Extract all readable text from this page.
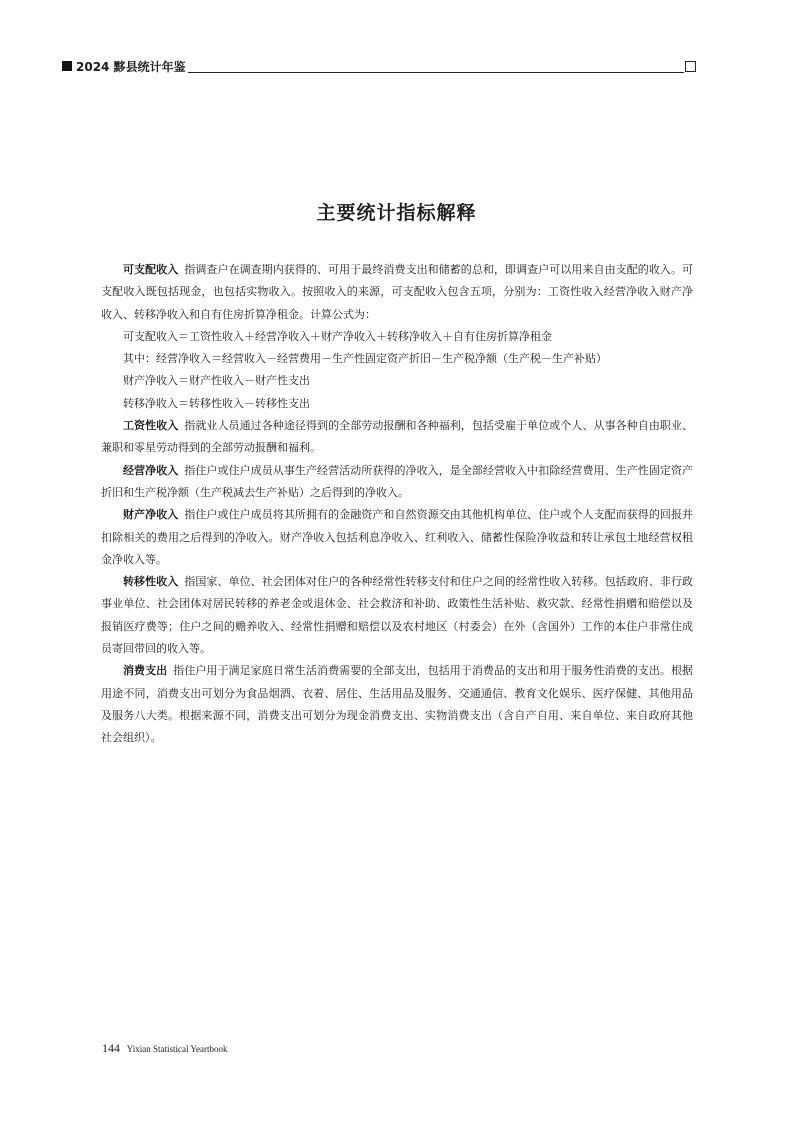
2024 黟县统计年鉴
主要统计指标解释

可支配收入 指调查户在调查期内获得的、可用于最终消费支出和储蓄的总和，即调查户可以用来自由支配的收入。可支配收入既包括现金，也包括实物收入。按照收入的来源，可支配收入包含五项，分别为：工资性收入经营净收入财产净收入、转移净收入和自有住房折算净租金。计算公式为：

可支配收入＝工资性收入＋经营净收入＋财产净收入＋转移净收入＋自有住房折算净租金

其中：经营净收入＝经营收入－经营费用－生产性固定资产折旧－生产税净额（生产税－生产补贴）

财产净收入＝财产性收入－财产性支出

转移净收入＝转移性收入－转移性支出

工资性收入 指就业人员通过各种途径得到的全部劳动报酬和各种福利，包括受雇于单位或个人、从事各种自由职业、兼职和零星劳动得到的全部劳动报酬和福利。

经营净收入 指住户或住户成员从事生产经营活动所获得的净收入，是全部经营收入中扣除经营费用、生产性固定资产折旧和生产税净额（生产税减去生产补贴）之后得到的净收入。

财产净收入 指住户或住户成员将其所拥有的金融资产和自然资源交由其他机构单位、住户或个人支配而获得的回报并扣除相关的费用之后得到的净收入。财产净收入包括利息净收入、红利收入、储蓄性保险净收益和转让承包土地经营权租金净收入等。

转移性收入 指国家、单位、社会团体对住户的各种经常性转移支付和住户之间的经常性收入转移。包括政府、非行政事业单位、社会团体对居民转移的养老金或退休金、社会救济和补助、政策性生活补贴、救灾款、经常性捐赠和赔偿以及报销医疗费等；住户之间的赡养收入、经常性捐赠和赔偿以及农村地区（村委会）在外（含国外）工作的本住户非常住成员寄回带回的收入等。

消费支出 指住户用于满足家庭日常生活消费需要的全部支出，包括用于消费品的支出和用于服务性消费的支出。根据用途不同，消费支出可划分为食品烟酒、衣着、居住、生活用品及服务、交通通信、教育文化娱乐、医疗保健、其他用品及服务八大类。根据来源不同，消费支出可划分为现金消费支出、实物消费支出（含自产自用、来自单位、来自政府其他社会组织）。

144 Yixian Statistical Yeartbook
